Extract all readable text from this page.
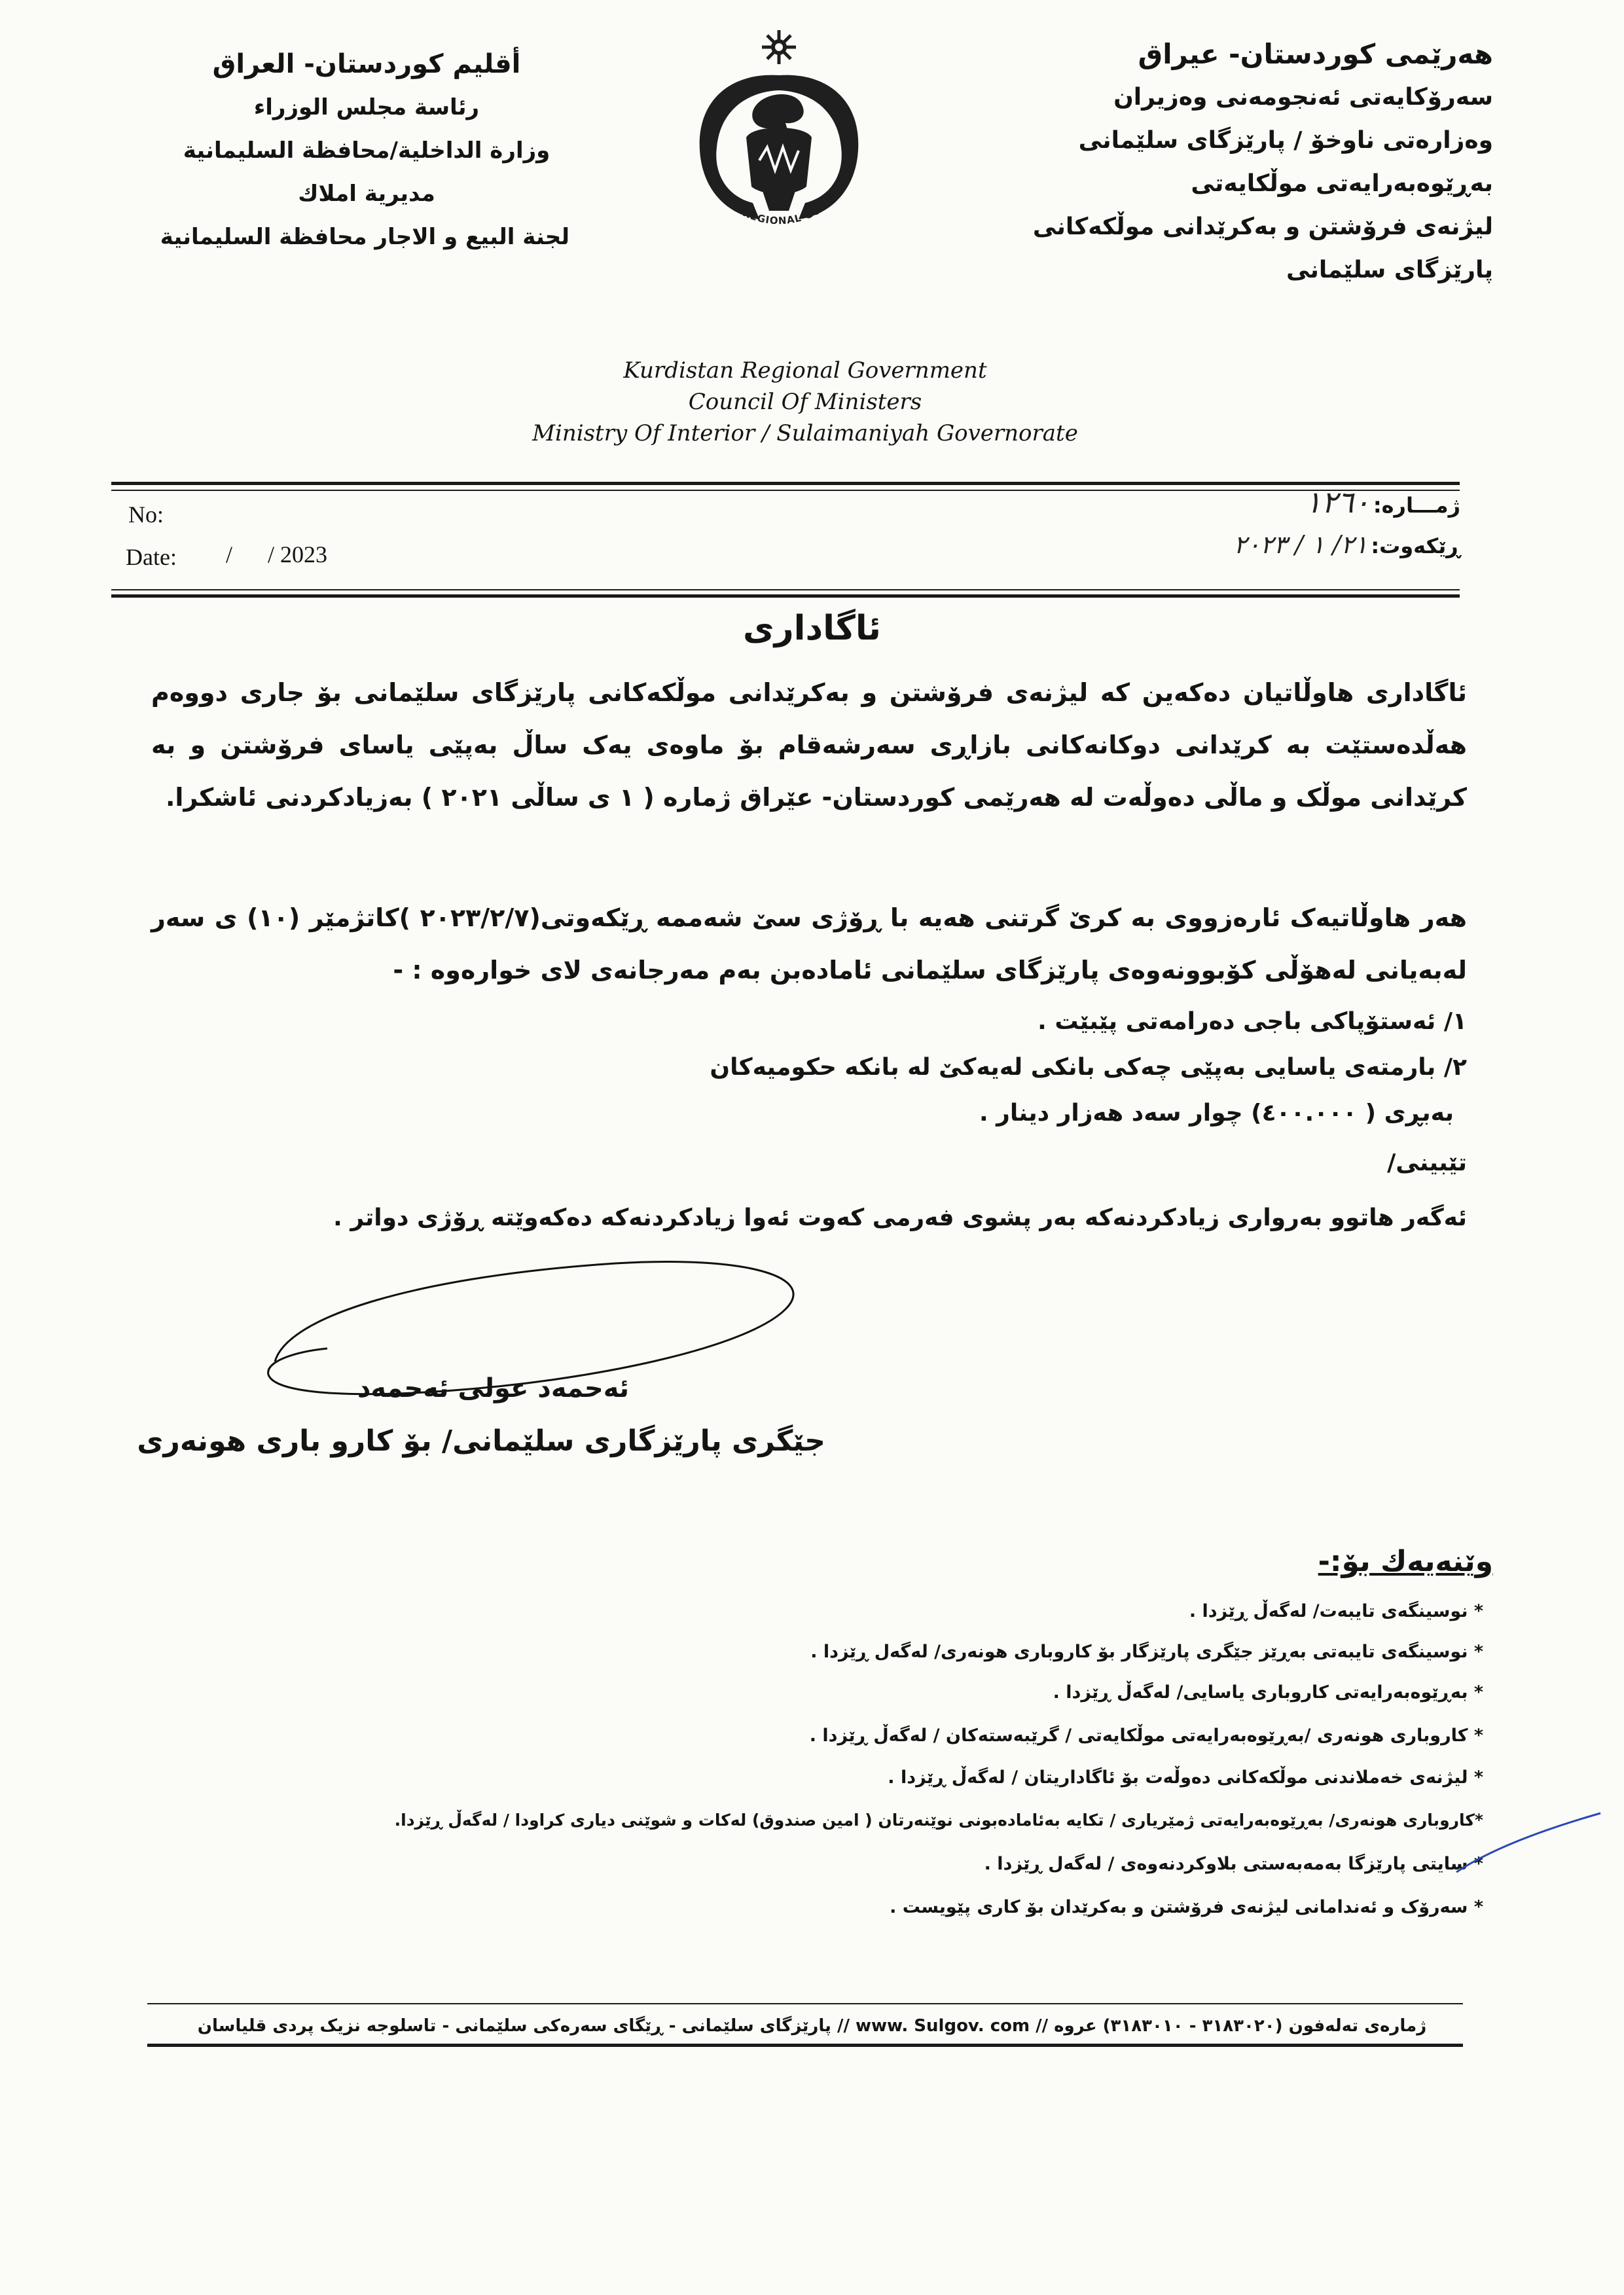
هەرێمی کوردستان- عیراق
سەرۆکایەتی ئەنجومەنی وەزیران
وەزارەتی ناوخۆ / پارێزگای سلێمانی
بەڕێوەبەرایەتی موڵکایەتی
لیژنەی فرۆشتن و بەکرێدانی موڵکەکانی
پارێزگای سلێمانی
أقليم كوردستان- العراق
رئاسة مجلس الوزراء
وزارة الداخلية/محافظة السليمانية
مديرية املاك
لجنة البيع و الاجار محافظة السليمانية
DISTAN REGIONAL GOVERNM
Kurdistan Regional Government
Council Of Ministers
Ministry Of Interior / Sulaimaniyah Governorate
No:
Date: /      / 2023
ژمـــارە: ١٢٦٠
ڕێکەوت: ٢١/ ١ / ٢٠٢٣
ئاگاداری
ئاگاداری هاوڵاتیان دەکەین کە لیژنەی فرۆشتن و بەکرێدانی موڵکەکانی پارێزگای سلێمانی بۆ جاری دووەم هەڵدەستێت بە کرێدانی دوکانەکانی بازاڕی سەرشەقام بۆ ماوەی یەک ساڵ بەپێی یاسای فرۆشتن و بە کرێدانی موڵک و ماڵی دەوڵەت لە هەرێمی کوردستان- عێراق ژمارە ( ١ ی ساڵی ٢٠٢١ ) بەزیادکردنی ئاشکرا.
هەر هاوڵاتیەک ئارەزووی بە کرێ گرتنی هەیە با ڕۆژی سێ شەممە ڕێکەوتی(٢٠٢٣/٢/٧ )کاتژمێر (١٠) ی سەر لەبەیانی لەهۆڵی کۆبوونەوەی پارێزگای سلێمانی ئامادەبن بەم مەرجانەی لای خوارەوە : -
١/ ئەستۆپاکی باجی دەرامەتی پێبێت .
٢/ بارمتەی یاسایی بەپێی چەکی بانکی لەیەکێ لە بانکە حکومیەکان
بەبڕی ( ٤٠٠.٠٠٠) چوار سەد هەزار دینار .
تێبینی/
ئەگەر هاتوو بەرواری زیادکردنەکە بەر پشوی فەرمی کەوت ئەوا زیادکردنەکە دەکەوێتە ڕۆژی دواتر .
ئەحمەد عولی ئەحمەد
جێگری پارێزگاری سلێمانی/ بۆ کارو باری هونەری
وێنەیەك بۆ:-
* نوسینگەی تایبەت/ لەگەڵ ڕێزدا .
* نوسینگەی تایبەتی بەڕێز جێگری پارێزگار بۆ کاروباری هونەری/ لەگەل ڕێزدا .
* بەڕێوەبەرایەتی کاروباری یاسایی/ لەگەڵ ڕێزدا .
* کاروباری هونەری /بەڕێوەبەرایەتی موڵکایەتی / گرێبەستەکان / لەگەڵ ڕێزدا .
* لیژنەی خەملاندنی موڵکەکانی دەوڵەت بۆ ئاگاداریتان / لەگەڵ ڕێزدا .
*کاروباری هونەری/ بەڕێوەبەرایەتی ژمێریاری / تکایە بەئامادەبونی نوێنەرتان ( امین صندوق) لەکات و شوێنی دیاری کراودا / لەگەڵ ڕێزدا.
* سایتی پارێزگا بەمەبەستی بلاوکردنەوەی / لەگەل ڕێزدا .
* سەرۆک و ئەندامانی لیژنەی فرۆشتن و بەکرێدان بۆ کاری پێویست .
پارێزگای سلێمانی - ڕێگای سەرەکی سلێمانی - تاسلوجە نزیک پردی قلیاسان // www. Sulgov. com // ژمارەی تەلەفون (٣١٨٣٠٢٠ - ٣١٨٣٠١٠) عروە
